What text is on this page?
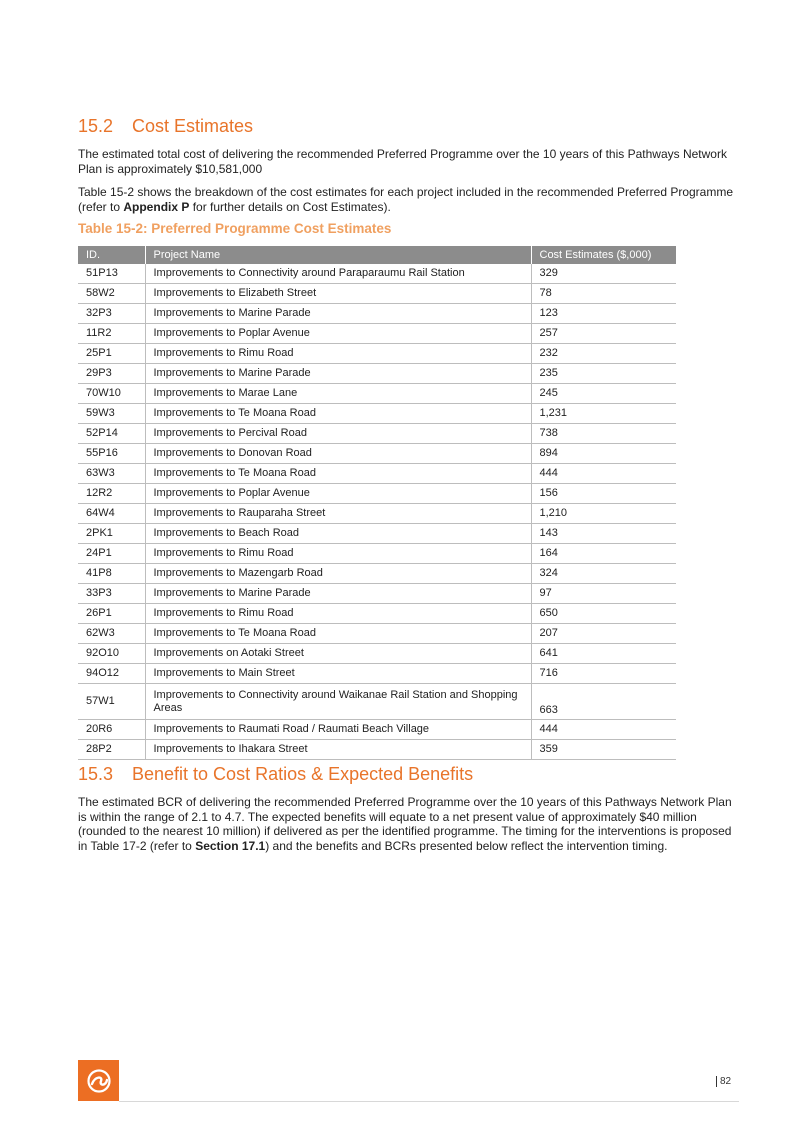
15.2 Cost Estimates

The estimated total cost of delivering the recommended Preferred Programme over the 10 years of this Pathways Network Plan is approximately $10,581,000

Table 15-2 shows the breakdown of the cost estimates for each project included in the recommended Preferred Programme (refer to Appendix P for further details on Cost Estimates).

Table 15-2: Preferred Programme Cost Estimates

ID.	Project Name	Cost Estimates ($,000)
51P13	Improvements to Connectivity around Paraparaumu Rail Station	329
58W2	Improvements to Elizabeth Street	78
32P3	Improvements to Marine Parade	123
11R2	Improvements to Poplar Avenue	257
25P1	Improvements to Rimu Road	232
29P3	Improvements to Marine Parade	235
70W10	Improvements to Marae Lane	245
59W3	Improvements to Te Moana Road	1,231
52P14	Improvements to Percival Road	738
55P16	Improvements to Donovan Road	894
63W3	Improvements to Te Moana Road	444
12R2	Improvements to Poplar Avenue	156
64W4	Improvements to Rauparaha Street	1,210
2PK1	Improvements to Beach Road	143
24P1	Improvements to Rimu Road	164
41P8	Improvements to Mazengarb Road	324
33P3	Improvements to Marine Parade	97
26P1	Improvements to Rimu Road	650
62W3	Improvements to Te Moana Road	207
92O10	Improvements on Aotaki Street	641
94O12	Improvements to Main Street	716
57W1	Improvements to Connectivity around Waikanae Rail Station and Shopping Areas	663
20R6	Improvements to Raumati Road / Raumati Beach Village	444
28P2	Improvements to Ihakara Street	359
15.3 Benefit to Cost Ratios & Expected Benefits

The estimated BCR of delivering the recommended Preferred Programme over the 10 years of this Pathways Network Plan is within the range of 2.1 to 4.7. The expected benefits will equate to a net present value of approximately $40 million (rounded to the nearest 10 million) if delivered as per the identified programme. The timing for the interventions is proposed in Table 17-2 (refer to Section 17.1) and the benefits and BCRs presented below reflect the intervention timing.

82
